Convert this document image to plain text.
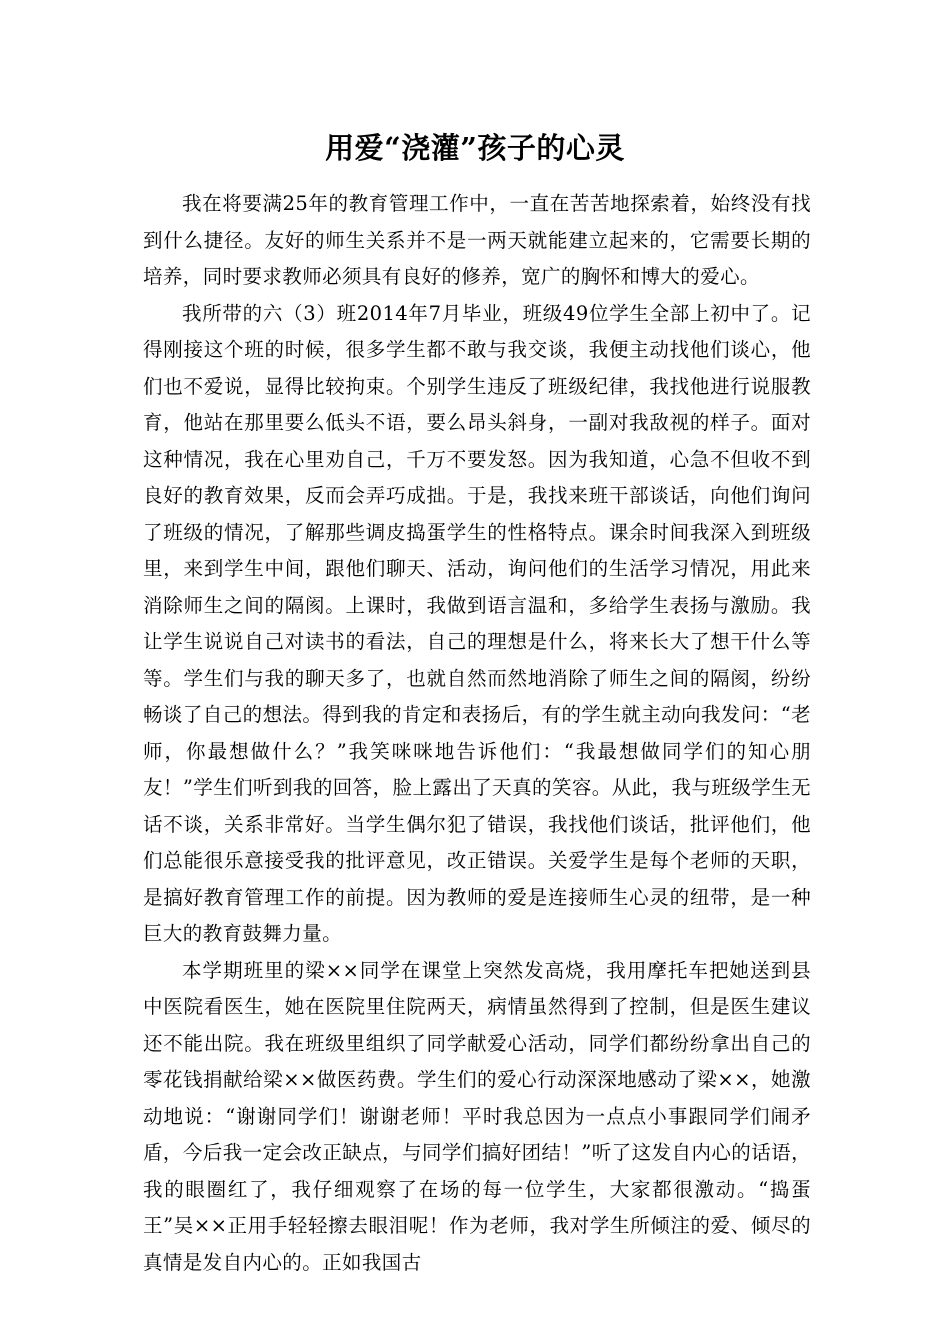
用爱“浇灌”孩子的心灵

我在将要满25年的教育管理工作中，一直在苦苦地探索着，始终没有找到什么捷径。友好的师生关系并不是一两天就能建立起来的，它需要长期的培养，同时要求教师必须具有良好的修养，宽广的胸怀和博大的爱心。

我所带的六（3）班2014年7月毕业，班级49位学生全部上初中了。记得刚接这个班的时候，很多学生都不敢与我交谈，我便主动找他们谈心，他们也不爱说，显得比较拘束。个别学生违反了班级纪律，我找他进行说服教育，他站在那里要么低头不语，要么昂头斜身，一副对我敌视的样子。面对这种情况，我在心里劝自己，千万不要发怒。因为我知道，心急不但收不到良好的教育效果，反而会弄巧成拙。于是，我找来班干部谈话，向他们询问了班级的情况，了解那些调皮捣蛋学生的性格特点。课余时间我深入到班级里，来到学生中间，跟他们聊天、活动，询问他们的生活学习情况，用此来消除师生之间的隔阂。上课时，我做到语言温和，多给学生表扬与激励。我让学生说说自己对读书的看法，自己的理想是什么，将来长大了想干什么等等。学生们与我的聊天多了，也就自然而然地消除了师生之间的隔阂，纷纷畅谈了自己的想法。得到我的肯定和表扬后，有的学生就主动向我发问：“老师，你最想做什么？”我笑咪咪地告诉他们：“我最想做同学们的知心朋友！”学生们听到我的回答，脸上露出了天真的笑容。从此，我与班级学生无话不谈，关系非常好。当学生偶尔犯了错误，我找他们谈话，批评他们，他们总能很乐意接受我的批评意见，改正错误。关爱学生是每个老师的天职，是搞好教育管理工作的前提。因为教师的爱是连接师生心灵的纽带，是一种巨大的教育鼓舞力量。

本学期班里的梁××同学在课堂上突然发高烧，我用摩托车把她送到县中医院看医生，她在医院里住院两天，病情虽然得到了控制，但是医生建议还不能出院。我在班级里组织了同学献爱心活动，同学们都纷纷拿出自己的零花钱捐献给梁××做医药费。学生们的爱心行动深深地感动了梁××，她激动地说：“谢谢同学们！谢谢老师！平时我总因为一点点小事跟同学们闹矛盾，今后我一定会改正缺点，与同学们搞好团结！”听了这发自内心的话语，我的眼圈红了，我仔细观察了在场的每一位学生，大家都很激动。“捣蛋王”吴××正用手轻轻擦去眼泪呢！作为老师，我对学生所倾注的爱、倾尽的真情是发自内心的。正如我国古
